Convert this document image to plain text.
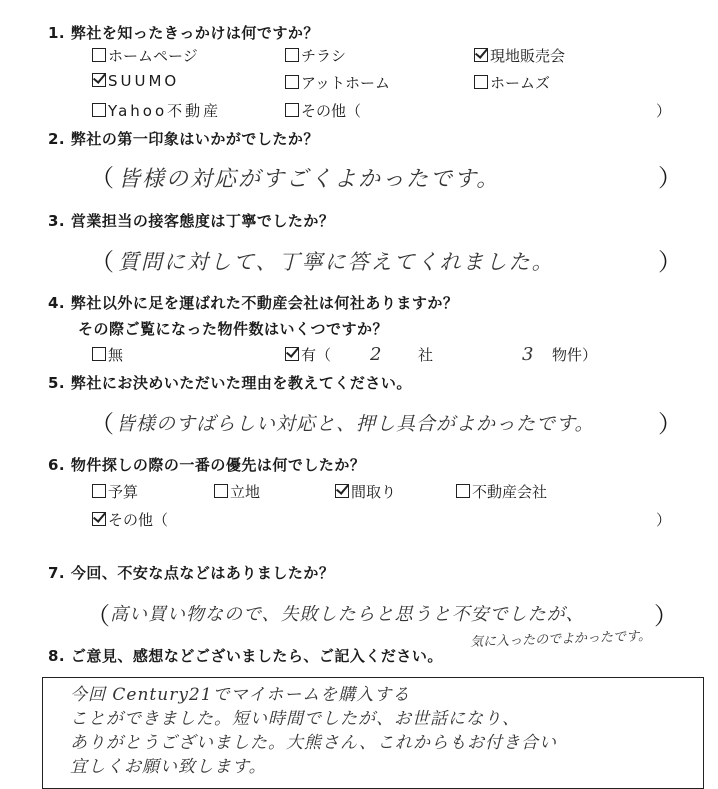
1. 弊社を知ったきっかけは何ですか？
ホームページ	チラシ	現地販売会
SUUMO	アットホーム	ホームズ
Yahoo不動産	その他（	）
2. 弊社の第一印象はいかがでしたか？
（ 皆様の対応がすごくよかったです。	）
3. 営業担当の接客態度は丁寧でしたか？
（ 質問に対して、丁寧に答えてくれました。	）
4. 弊社以外に足を運ばれた不動産会社は何社ありますか？
その際ご覧になった物件数はいくつですか？
無	有（ 2 社	3 物件）
5. 弊社にお決めいただいた理由を教えてください。
（ 皆様のすばらしい対応と、押し具合がよかったです。	）
6. 物件探しの際の一番の優先は何でしたか？
予算	立地	間取り	不動産会社
その他（	）
7. 今回、不安な点などはありましたか？
（ 高い買い物なので、失敗したらと思うと不安でしたが、	）
気に入ったのでよかったです。
8. ご意見、感想などございましたら、ご記入ください。
今回 Century21でマイホームを購入する
ことができました。短い時間でしたが、お世話になり、
ありがとうございました。大熊さん、これからもお付き合い
宜しくお願い致します。
